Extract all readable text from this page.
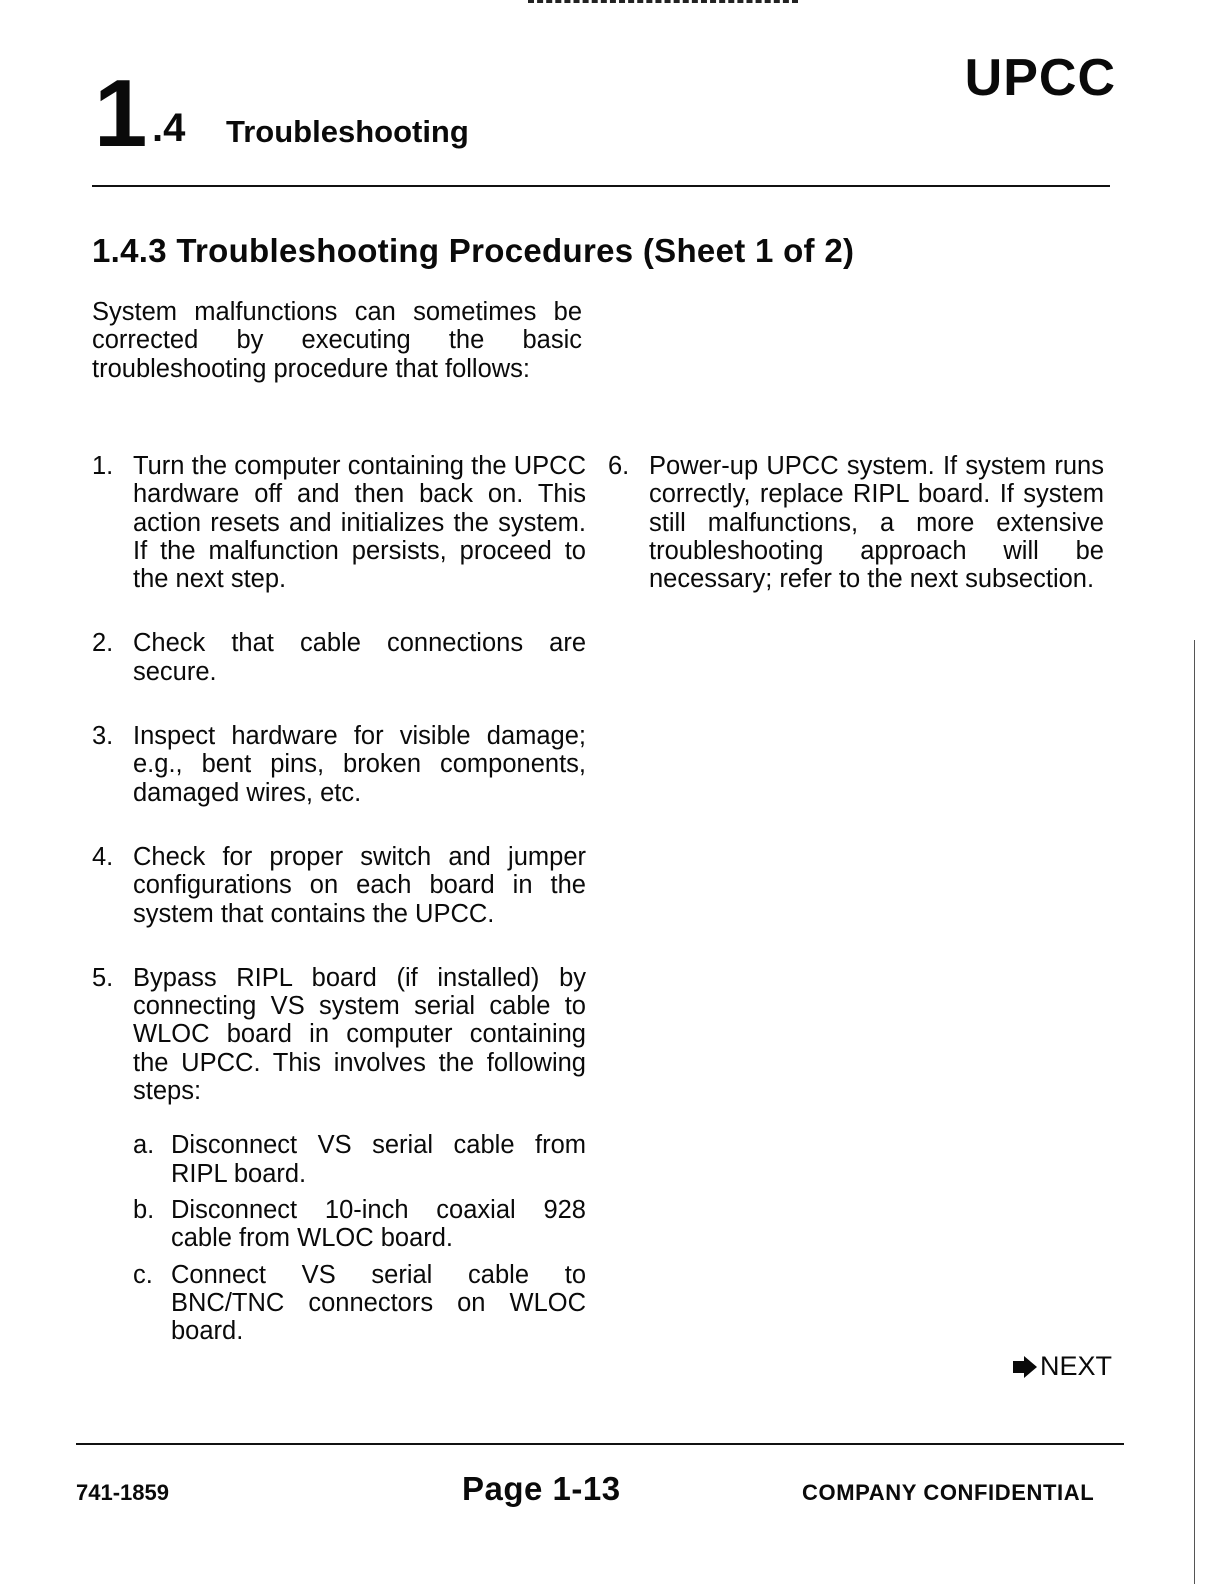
1 .4 Troubleshooting
UPCC
1.4.3 Troubleshooting Procedures (Sheet 1 of 2)

System malfunctions can sometimes be corrected by executing the basic troubleshooting procedure that follows:

1. Turn the computer containing the UPCC hardware off and then back on. This action resets and initializes the system. If the malfunction persists, proceed to the next step.
2. Check that cable connections are secure.
3. Inspect hardware for visible damage; e.g., bent pins, broken components, damaged wires, etc.
4. Check for proper switch and jumper configurations on each board in the system that contains the UPCC.
5. Bypass RIPL board (if installed) by connecting VS system serial cable to WLOC board in computer containing the UPCC. This involves the following steps:
a. Disconnect VS serial cable from RIPL board.
b. Disconnect 10-inch coaxial 928 cable from WLOC board.
c. Connect VS serial cable to BNC/TNC connectors on WLOC board.
6. Power-up UPCC system. If system runs correctly, replace RIPL board. If system still malfunctions, a more extensive troubleshooting approach will be necessary; refer to the next subsection.
NEXT
741-1859	Page 1-13	COMPANY CONFIDENTIAL
